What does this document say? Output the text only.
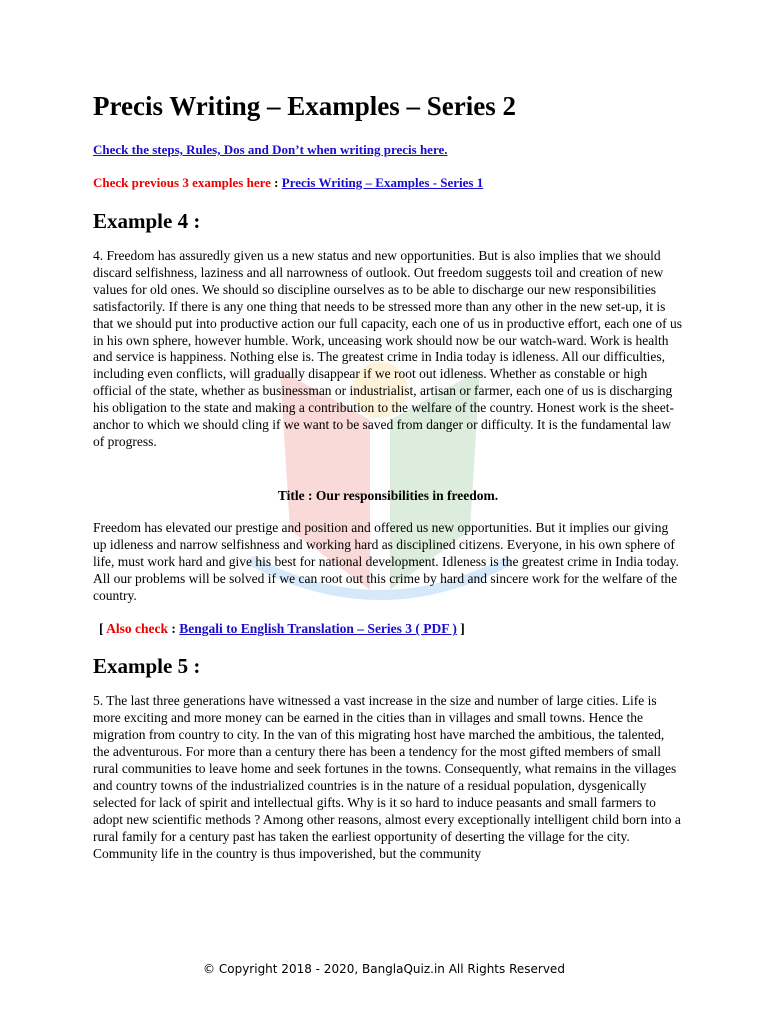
Precis Writing – Examples – Series 2
Check the steps, Rules, Dos and Don’t when writing precis here.
Check previous 3 examples here : Precis Writing – Examples - Series 1
Example 4 :

4. Freedom has assuredly given us a new status and new opportunities. But is also implies that we should discard selfishness, laziness and all narrowness of outlook. Out freedom suggests toil and creation of new values for old ones. We should so discipline ourselves as to be able to discharge our new responsibilities satisfactorily. If there is any one thing that needs to be stressed more than any other in the new set-up, it is that we should put into productive action our full capacity, each one of us in productive effort, each one of us in his own sphere, however humble. Work, unceasing work should now be our watch-ward. Work is health and service is happiness. Nothing else is. The greatest crime in India today is idleness. All our difficulties, including even conflicts, will gradually disappear if we root out idleness. Whether as constable or high official of the state, whether as businessman or industrialist, artisan or farmer, each one of us is discharging his obligation to the state and making a contribution to the welfare of the country. Honest work is the sheet-anchor to which we should cling if we want to be saved from danger or difficulty. It is the fundamental law of progress.

Title : Our responsibilities in freedom.

Freedom has elevated our prestige and position and offered us new opportunities. But it implies our giving up idleness and narrow selfishness and working hard as disciplined citizens. Everyone, in his own sphere of life, must work hard and give his best for national development. Idleness is the greatest crime in India today. All our problems will be solved if we can root out this crime by hard and sincere work for the welfare of the country.

[ Also check : Bengali to English Translation – Series 3 ( PDF ) ]
Example 5 :

5. The last three generations have witnessed a vast increase in the size and number of large cities. Life is more exciting and more money can be earned in the cities than in villages and small towns. Hence the migration from country to city. In the van of this migrating host have marched the ambitious, the talented, the adventurous. For more than a century there has been a tendency for the most gifted members of small rural communities to leave home and seek fortunes in the towns. Consequently, what remains in the villages and country towns of the industrialized countries is in the nature of a residual population, dysgenically selected for lack of spirit and intellectual gifts. Why is it so hard to induce peasants and small farmers to adopt new scientific methods ? Among other reasons, almost every exceptionally intelligent child born into a rural family for a century past has taken the earliest opportunity of deserting the village for the city. Community life in the country is thus impoverished, but the community

© Copyright 2018 - 2020, BanglaQuiz.in All Rights Reserved
